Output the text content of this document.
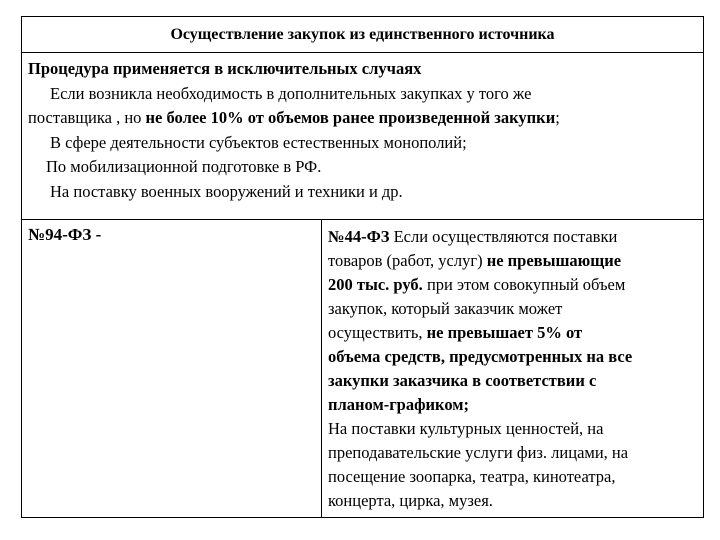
Осуществление закупок из единственного источника
Процедура применяется в исключительных случаях
Если возникла необходимость в дополнительных закупках у того же
поставщика , но не более 10% от объемов ранее произведенной закупки;
В сфере деятельности субъектов естественных монополий;
По мобилизационной подготовке в РФ.
На поставку военных вооружений и техники и др.
№94-ФЗ -	№44-ФЗ Если осуществляются поставки
товаров (работ, услуг) не превышающие
200 тыс. руб. при этом совокупный объем
закупок, который заказчик может
осуществить, не превышает 5% от
объема средств, предусмотренных на все
закупки заказчика в соответствии с
планом-графиком;
На поставки культурных ценностей, на
преподавательские услуги физ. лицами, на
посещение зоопарка, театра, кинотеатра,
концерта, цирка, музея.
